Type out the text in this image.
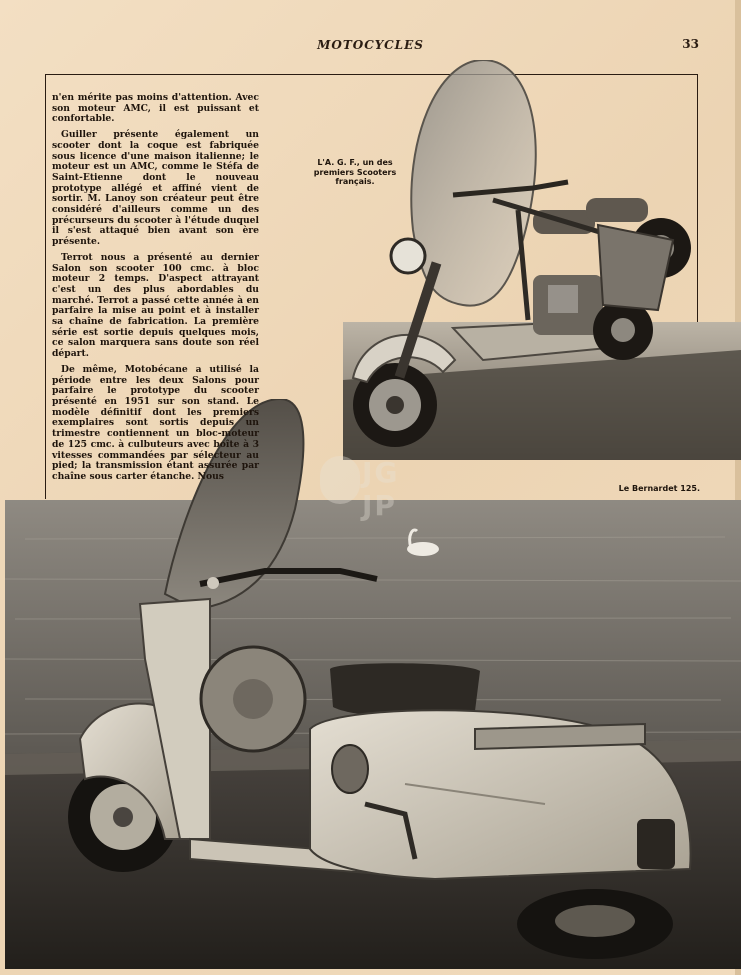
MOTOCYCLES	33
JG JP

n'en mérite pas moins d'attention. Avec son moteur AMC, il est puissant et confortable.

Guiller présente également un scooter dont la coque est fabriquée sous licence d'une maison italienne; le moteur est un AMC, comme le Stéfa de Saint-Etienne dont le nouveau prototype allégé et affiné vient de sortir. M. Lanoy son créateur peut être considéré d'ailleurs comme un des précurseurs du scooter à l'étude duquel il s'est attaqué bien avant son ère présente.

Terrot nous a présenté au dernier Salon son scooter 100 cmc. à bloc moteur 2 temps. D'aspect attrayant c'est un des plus abordables du marché. Terrot a passé cette année à en parfaire la mise au point et à installer sa chaîne de fabrication. La première série est sortie depuis quelques mois, ce salon marquera sans doute son réel départ.

De même, Motobécane a utilisé la période entre les deux Salons pour parfaire le prototype du scooter présenté en 1951 sur son stand. Le modèle définitif dont les premiers exemplaires sont sortis depuis un trimestre contiennent un bloc-moteur de 125 cmc. à culbuteurs avec boîte à 3 vitesses commandées par sélecteur au pied; la transmission étant assurée par chaîne sous carter étanche. Nous

L'A. G. F., un des premiers Scooters français.
Le Bernardet 125.
